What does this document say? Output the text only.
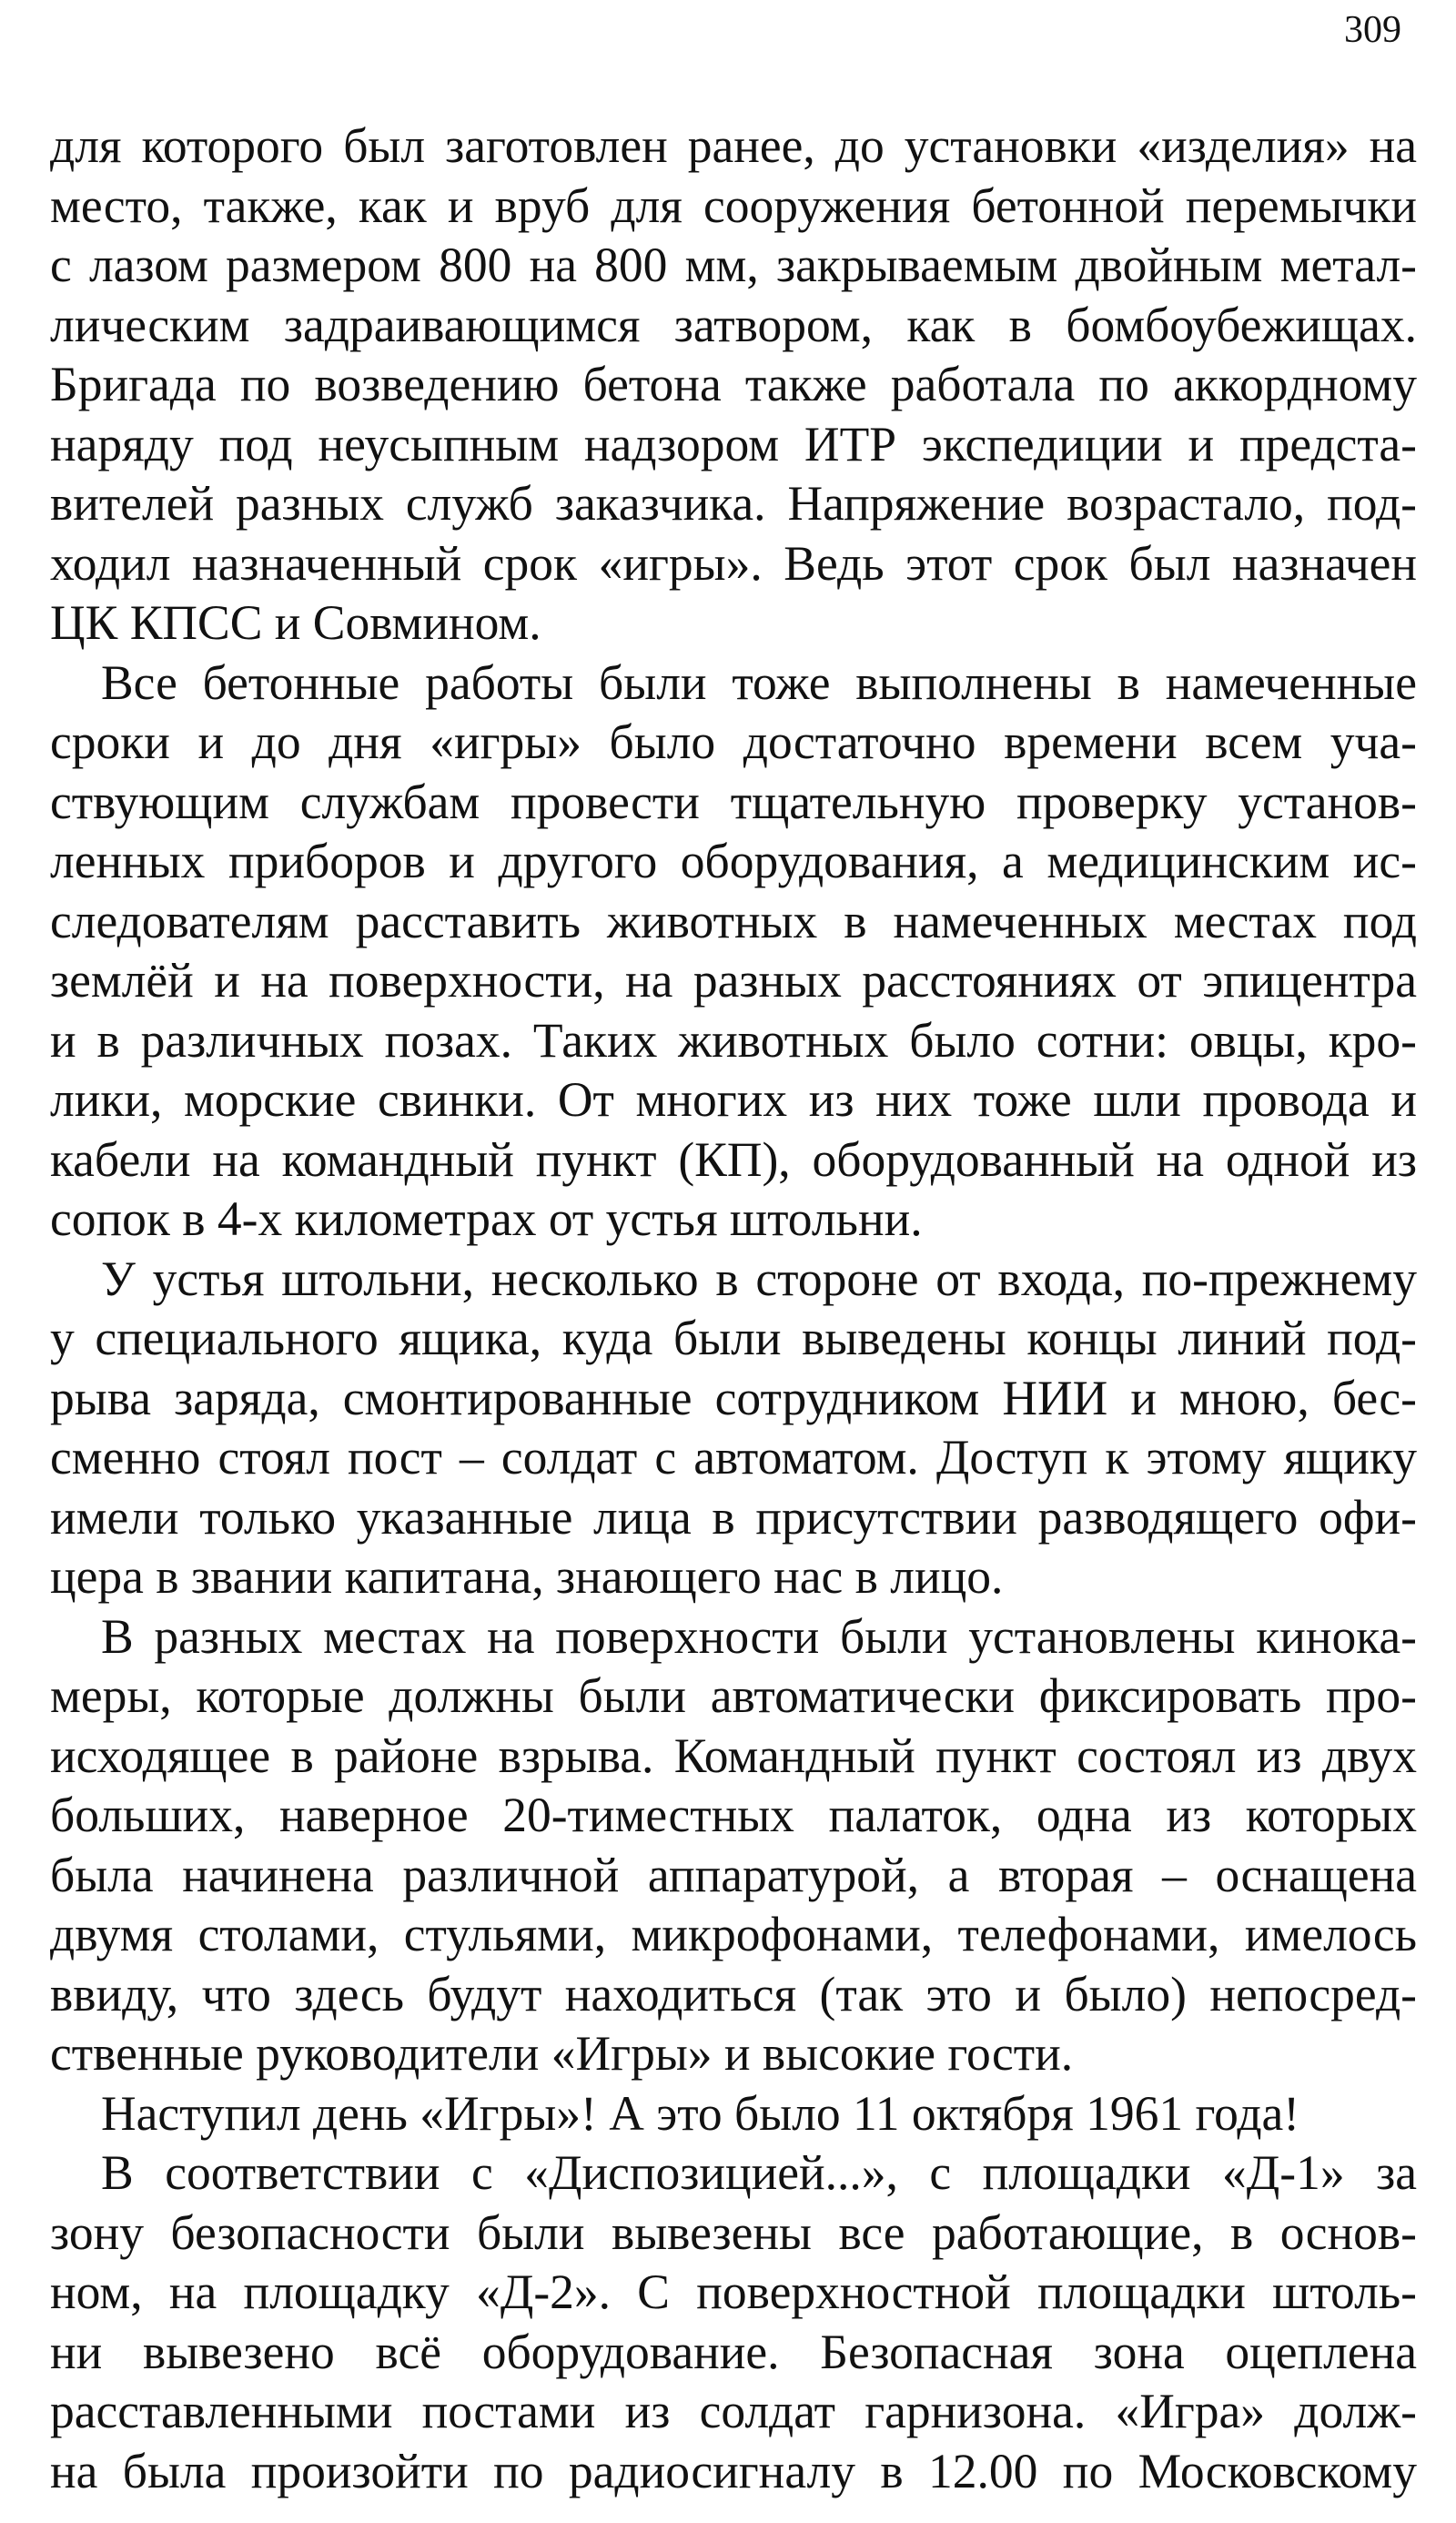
309
для которого был заготовлен ранее, до установки «изделия» на
место, также, как и вруб для сооружения бетонной перемычки
с лазом размером 800 на 800 мм, закрываемым двойным метал-
лическим задраивающимся затвором, как в бомбоубежищах.
Бригада по возведению бетона также работала по аккордному
наряду под неусыпным надзором ИТР экспедиции и предста-
вителей разных служб заказчика. Напряжение возрастало, под-
ходил назначенный срок «игры». Ведь этот срок был назначен
ЦК КПСС и Совмином.
Все бетонные работы были тоже выполнены в намеченные
сроки и до дня «игры» было достаточно времени всем уча-
ствующим службам провести тщательную проверку установ-
ленных приборов и другого оборудования, а медицинским ис-
следователям расставить животных в намеченных местах под
землёй и на поверхности, на разных расстояниях от эпицентра
и в различных позах. Таких животных было сотни: овцы, кро-
лики, морские свинки. От многих из них тоже шли провода и
кабели на командный пункт (КП), оборудованный на одной из
сопок в 4-х километрах от устья штольни.
У устья штольни, несколько в стороне от входа, по-прежнему
у специального ящика, куда были выведены концы линий под-
рыва заряда, смонтированные сотрудником НИИ и мною, бес-
сменно стоял пост – солдат с автоматом. Доступ к этому ящику
имели только указанные лица в присутствии разводящего офи-
цера в звании капитана, знающего нас в лицо.
В разных местах на поверхности были установлены кинока-
меры, которые должны были автоматически фиксировать про-
исходящее в районе взрыва. Командный пункт состоял из двух
больших, наверное 20-тиместных палаток, одна из которых
была начинена различной аппаратурой, а вторая – оснащена
двумя столами, стульями, микрофонами, телефонами, имелось
ввиду, что здесь будут находиться (так это и было) непосред-
ственные руководители «Игры» и высокие гости.
Наступил день «Игры»! А это было 11 октября 1961 года!
В соответствии с «Диспозицией...», с площадки «Д-1» за
зону безопасности были вывезены все работающие, в основ-
ном, на площадку «Д-2». С поверхностной площадки штоль-
ни вывезено всё оборудование. Безопасная зона оцеплена
расставленными постами из солдат гарнизона. «Игра» долж-
на была произойти по радиосигналу в 12.00 по Московскому
